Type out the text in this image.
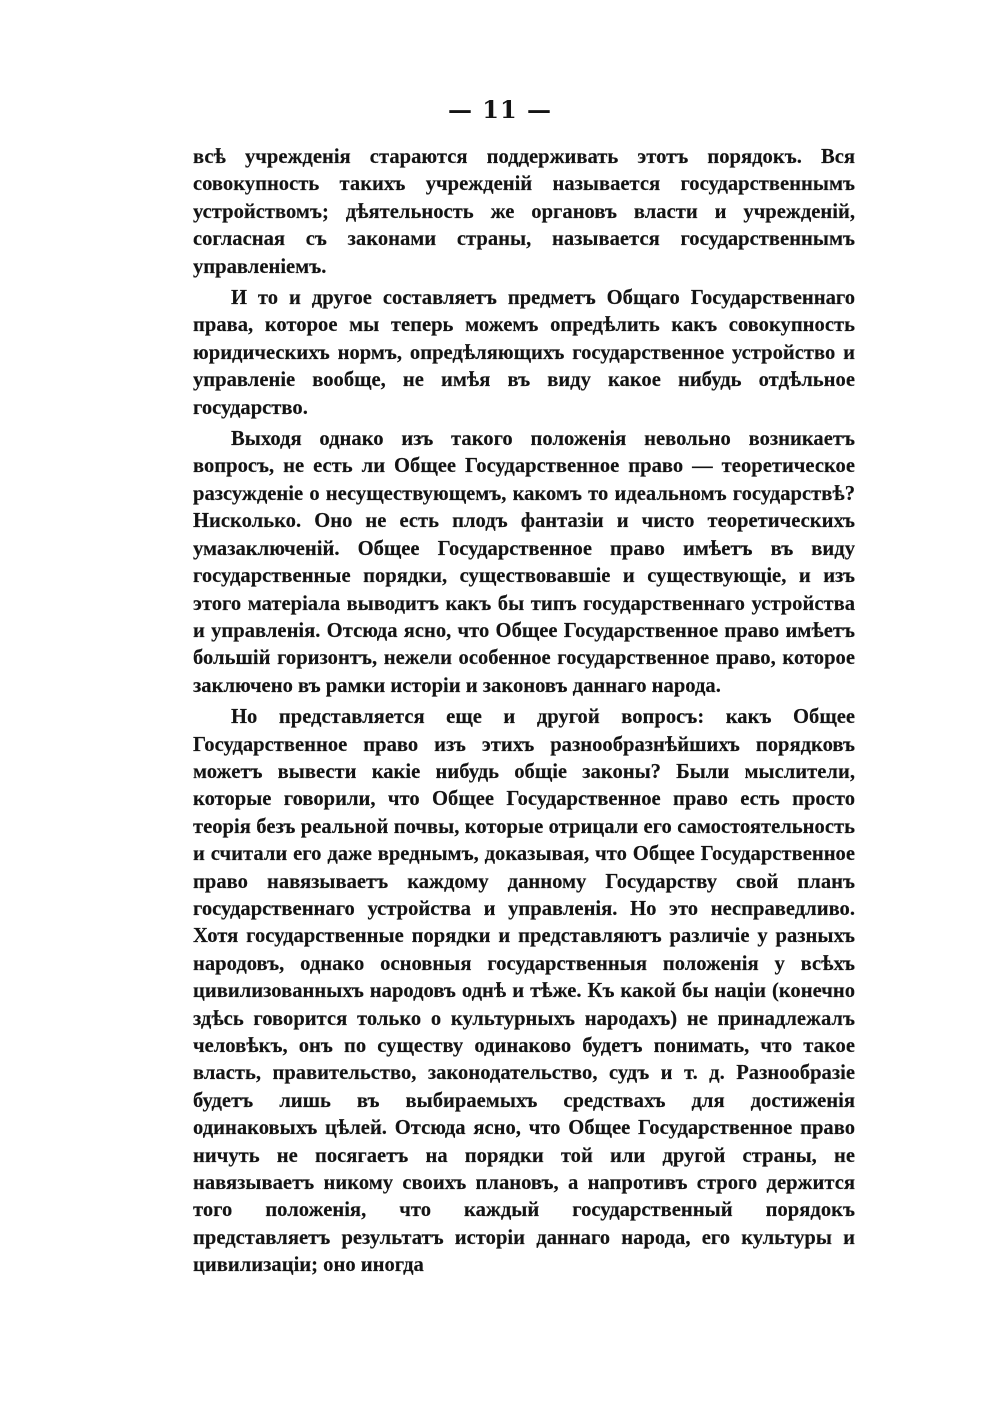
— 11 —

всѣ учрежденія стараются поддерживать этотъ порядокъ. Вся совокупность такихъ учрежденій называется государственнымъ устройствомъ; дѣятельность же органовъ власти и учрежденій, согласная съ законами страны, называется государственнымъ управленіемъ.

И то и другое составляетъ предметъ Общаго Государственнаго права, которое мы теперь можемъ опредѣлить какъ совокупность юридическихъ нормъ, опредѣляющихъ государственное устройство и управленіе вообще, не имѣя въ виду какое нибудь отдѣльное государство.

Выходя однако изъ такого положенія невольно возникаетъ вопросъ, не есть ли Общее Государственное право — теоретическое разсужденіе о несуществующемъ, какомъ то идеальномъ государствѣ? Нисколько. Оно не есть плодъ фантазіи и чисто теоретическихъ умазаключеній. Общее Государственное право имѣетъ въ виду государственные порядки, существовавшіе и существующіе, и изъ этого матеріала выводитъ какъ бы типъ государственнаго устройства и управленія. Отсюда ясно, что Общее Государственное право имѣетъ большій горизонтъ, нежели особенное государственное право, которое заключено въ рамки исторіи и законовъ даннаго народа.

Но представляется еще и другой вопросъ: какъ Общее Государственное право изъ этихъ разнообразнѣйшихъ порядковъ можетъ вывести какіе нибудь общіе законы? Были мыслители, которые говорили, что Общее Государственное право есть просто теорія безъ реальной почвы, которые отрицали его самостоятельность и считали его даже вреднымъ, доказывая, что Общее Государственное право навязываетъ каждому данному Государству свой планъ государственнаго устройства и управленія. Но это несправедливо. Хотя государственные порядки и представляютъ различіе у разныхъ народовъ, однако основныя государственныя положенія у всѣхъ цивилизованныхъ народовъ однѣ и тѣже. Къ какой бы націи (конечно здѣсь говорится только о культурныхъ народахъ) не принадлежалъ человѣкъ, онъ по существу одинаково будетъ понимать, что такое власть, правительство, законодательство, судъ и т. д. Разнообразіе будетъ лишь въ выбираемыхъ средствахъ для достиженія одинаковыхъ цѣлей. Отсюда ясно, что Общее Государственное право ничуть не посягаетъ на порядки той или другой страны, не навязываетъ никому своихъ плановъ, а напротивъ строго держится того положенія, что каждый государственный порядокъ представляетъ результатъ исторіи даннаго народа, его культуры и цивилизаціи; оно иногда
